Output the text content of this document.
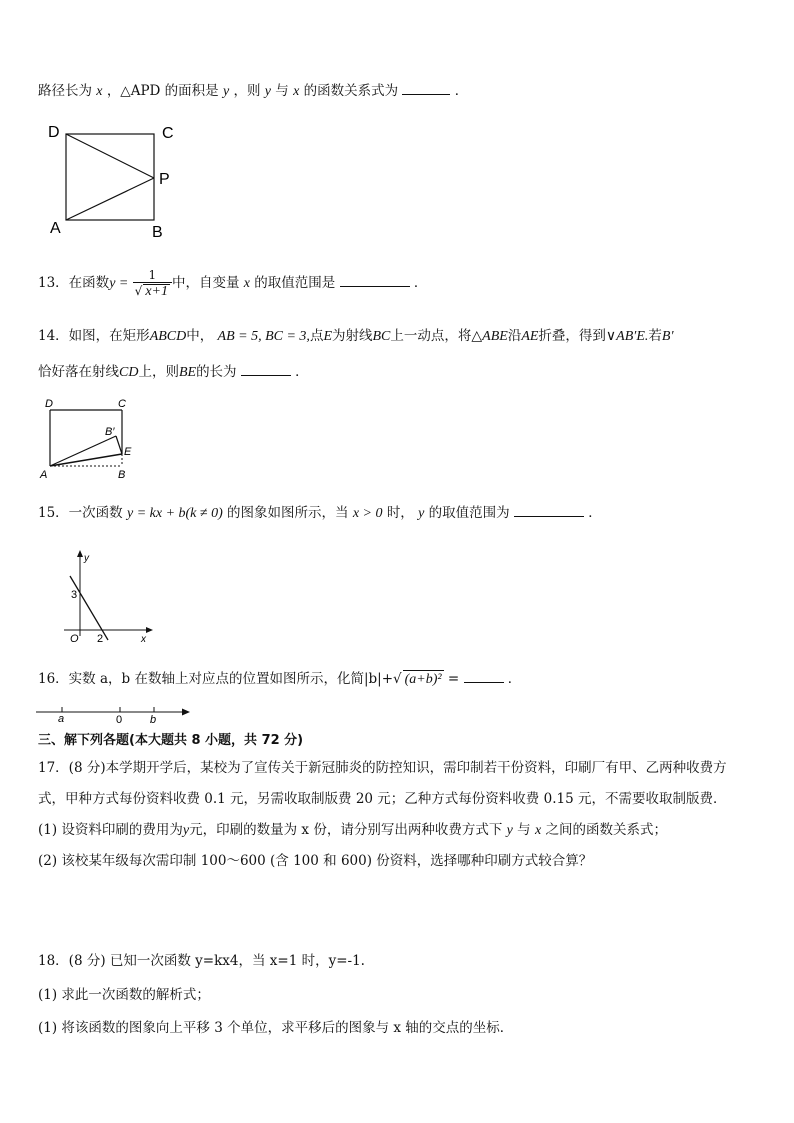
路径长为 x ，△APD 的面积是 y ，则 y 与 x 的函数关系式为	．
D	C
P
A	B
13．在函数$y = \frac{1}{√ x+1}$ 中，自变量 x 的取值范围是	．
14．如图，在矩形ABCD中， AB = 5, BC = 3,点E为射线BC上一动点，将△ABE沿AE折叠，得到∨AB′E.若B′
恰好落在射线CD上，则BE的长为	．
D	C
B′
E
A	B
15．一次函数 y = kx + b(k ≠ 0) 的图象如图所示，当 x > 0 时， y 的取值范围为	．
y
x
O
3
2
16．实数 a，b 在数轴上对应点的位置如图所示，化简|b|+√ (a+b)² =	．
a	0	b
三、解下列各题(本大题共 8 小题，共 72 分)
17．(8 分)本学期开学后，某校为了宣传关于新冠肺炎的防控知识，需印制若干份资料，印刷厂有甲、乙两种收费方
式，甲种方式每份资料收费 0.1 元，另需收取制版费 20 元；乙种方式每份资料收费 0.15 元，不需要收取制版费．
(1) 设资料印刷的费用为y元，印刷的数量为 x 份，请分别写出两种收费方式下 y 与 x 之间的函数关系式；
(2) 该校某年级每次需印制 100～600 (含 100 和 600) 份资料，选择哪种印刷方式较合算？
18．(8 分) 已知一次函数 y=kx4，当 x=1 时，y=-1.
(1) 求此一次函数的解析式；
(1) 将该函数的图象向上平移 3 个单位，求平移后的图象与 x 轴的交点的坐标．
